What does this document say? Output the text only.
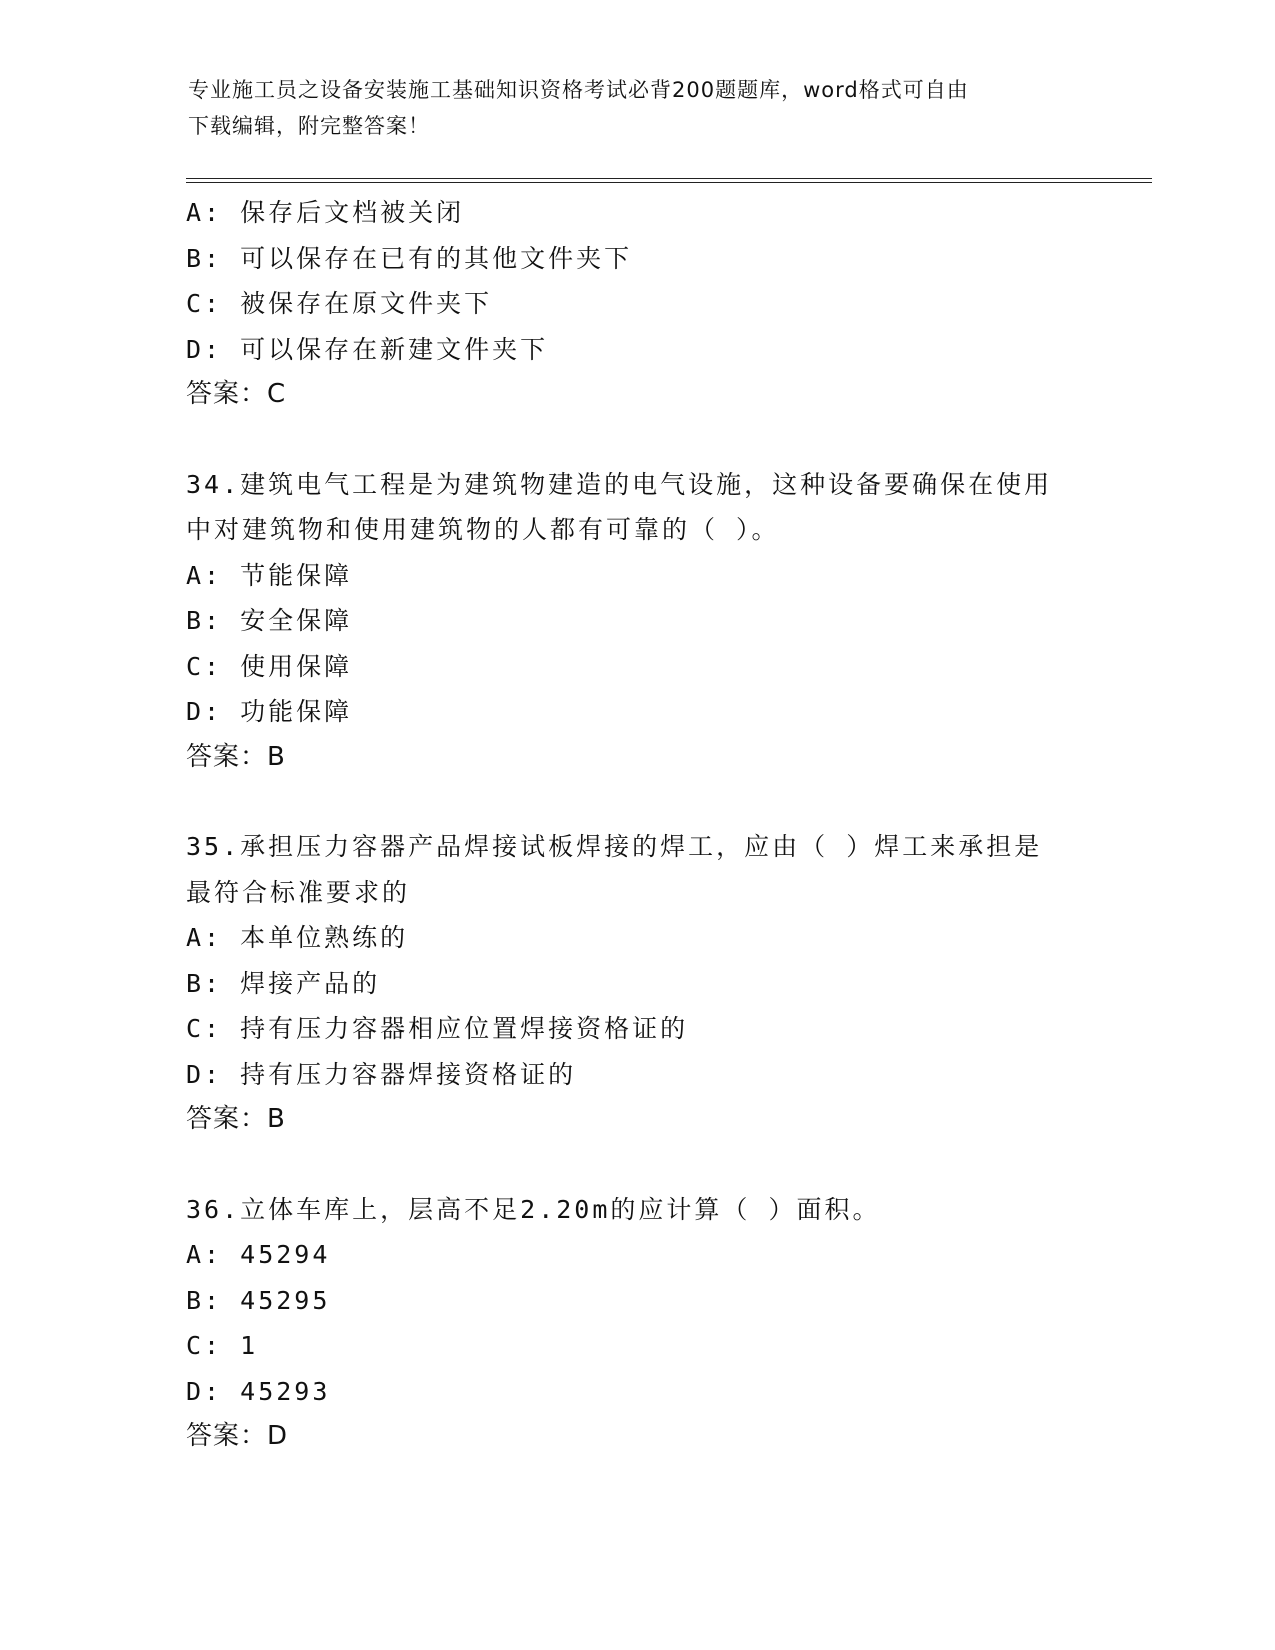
专业施工员之设备安装施工基础知识资格考试必背200题题库，word格式可自由
下载编辑，附完整答案！
A: 保存后文档被关闭
B: 可以保存在已有的其他文件夹下
C: 被保存在原文件夹下
D: 可以保存在新建文件夹下
答案：C
34.建筑电气工程是为建筑物建造的电气设施，这种设备要确保在使用
中对建筑物和使用建筑物的人都有可靠的（ ）。
A: 节能保障
B: 安全保障
C: 使用保障
D: 功能保障
答案：B
35.承担压力容器产品焊接试板焊接的焊工，应由（ ）焊工来承担是
最符合标准要求的
A: 本单位熟练的
B: 焊接产品的
C: 持有压力容器相应位置焊接资格证的
D: 持有压力容器焊接资格证的
答案：B
36.立体车库上，层高不足2.20m的应计算（ ）面积。
A: 45294
B: 45295
C: 1
D: 45293
答案：D
